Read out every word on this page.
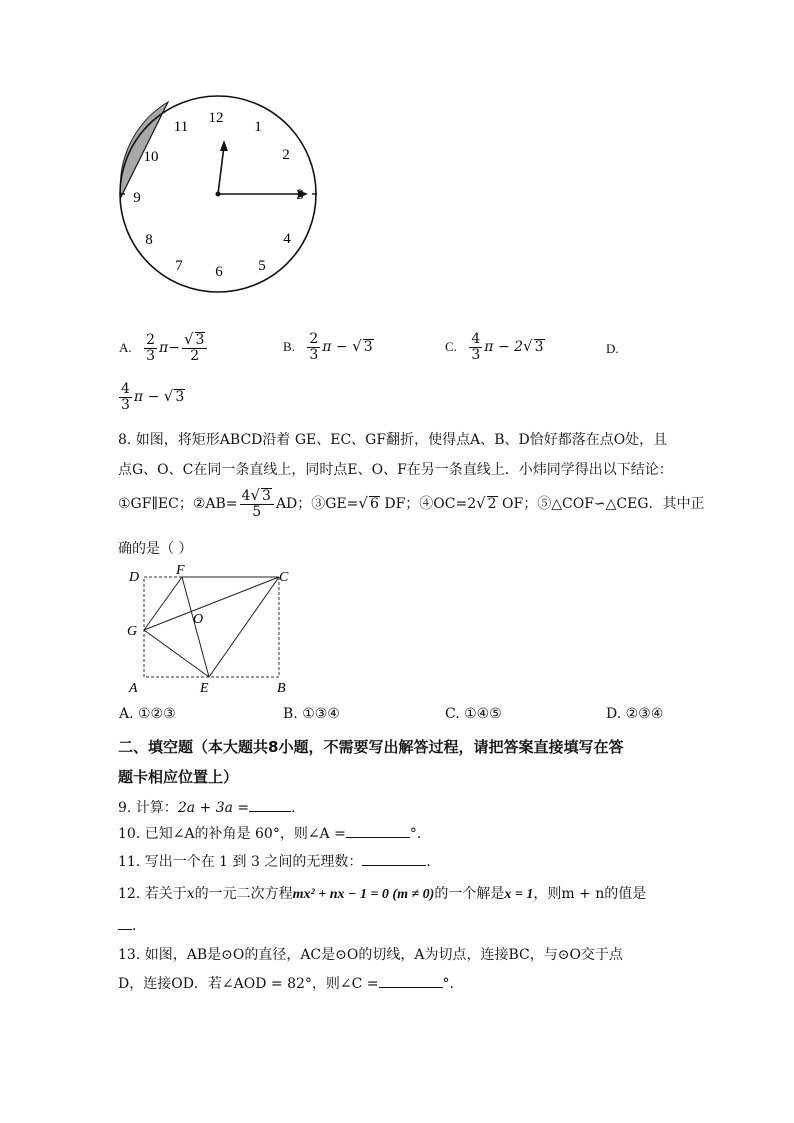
12
1
2
3
4
5
6
7
8
9
10
11
A. $\frac{2}{3} \pi- \frac{√ 3}{2}$	B. $\frac{2}{3}$ π − √ 3	C. $\frac{4}{3}$ π − 2√ 3	D.
$\frac{4}{3}$ π − √ 3
8. 如图，将矩形ABCD沿着 GE、EC、GF翻折，使得点A、B、D恰好都落在点O处，且
点G、O、C在同一条直线上，同时点E、O、F在另一条直线上．小炜同学得出以下结论：
①GF∥EC；②AB= $\frac{4√ 3}{5}$ AD；③GE=√ 6 DF；④OC=2√ 2 OF；⑤△COF∽△CEG．其中正
确的是（ ）
D	F	C
G
O
A	E	B
A. ①②③	B. ①③④	C. ①④⑤	D. ②③④
二、填空题（本大题共8小题，不需要写出解答过程，请把答案直接填写在答
题卡相应位置上）
9. 计算：2a + 3a =	．
10. 已知∠A的补角是 60°，则∠A =	°．
11. 写出一个在 1 到 3 之间的无理数：	．
12. 若关于x的一元二次方程mx² + nx − 1 = 0 (m ≠ 0)的一个解是x = 1，则m + n的值是
．
13. 如图，AB是⊙O的直径，AC是⊙O的切线，A为切点，连接BC，与⊙O交于点
D，连接OD．若∠AOD = 82°，则∠C =	°．
